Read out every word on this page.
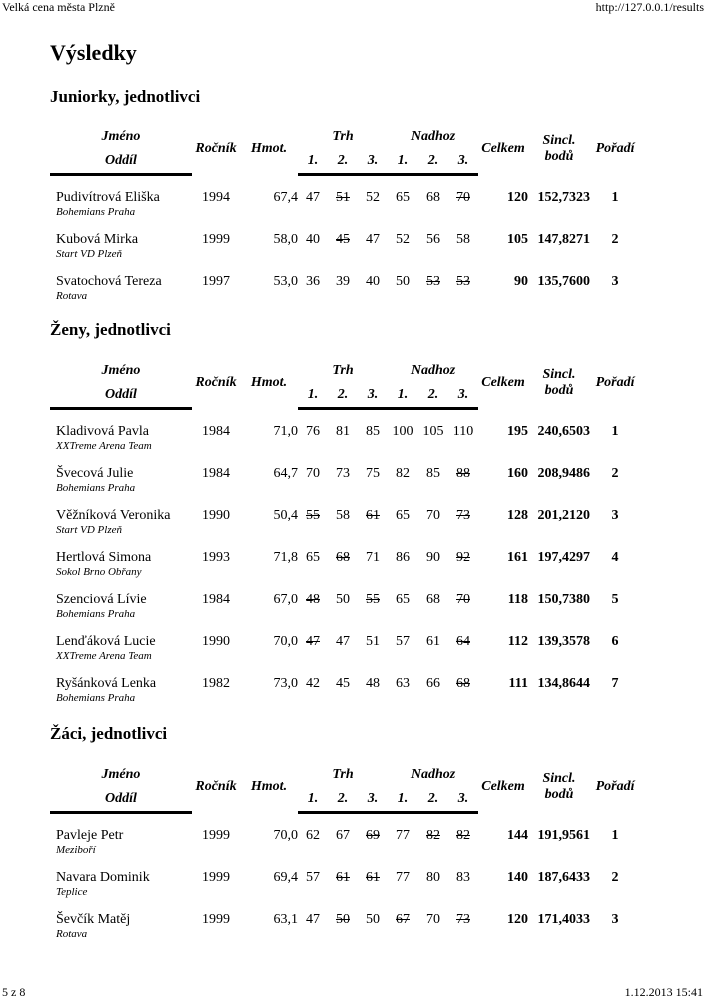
Velká cena města Plzně	http://127.0.0.1/results
Výsledky
Juniorky, jednotlivci
Jméno	Ročník	Hmot.	Trh			Nadhoz			Celkem	Sincl. bodů	Pořadí
Oddíl			1.	2.	3.	1.	2.	3.			

Pudivítrová Eliška	1994	67,4	47	51	52	65	68	70	120	152,7323	1
Bohemians Praha											
Kubová Mirka	1999	58,0	40	45	47	52	56	58	105	147,8271	2
Start VD Plzeň											
Svatochová Tereza	1997	53,0	36	39	40	50	53	53	90	135,7600	3
Rotava											
Ženy, jednotlivci
Jméno	Ročník	Hmot.	Trh			Nadhoz			Celkem	Sincl. bodů	Pořadí
Oddíl			1.	2.	3.	1.	2.	3.			

Kladivová Pavla	1984	71,0	76	81	85	100	105	110	195	240,6503	1
XXTreme Arena Team											
Švecová Julie	1984	64,7	70	73	75	82	85	88	160	208,9486	2
Bohemians Praha											
Věžníková Veronika	1990	50,4	55	58	61	65	70	73	128	201,2120	3
Start VD Plzeň											
Hertlová Simona	1993	71,8	65	68	71	86	90	92	161	197,4297	4
Sokol Brno Obřany											
Szenciová Lívie	1984	67,0	48	50	55	65	68	70	118	150,7380	5
Bohemians Praha											
Lenďáková Lucie	1990	70,0	47	47	51	57	61	64	112	139,3578	6
XXTreme Arena Team											
Ryšánková Lenka	1982	73,0	42	45	48	63	66	68	111	134,8644	7
Bohemians Praha											
Žáci, jednotlivci
Jméno	Ročník	Hmot.	Trh			Nadhoz			Celkem	Sincl. bodů	Pořadí
Oddíl			1.	2.	3.	1.	2.	3.			

Pavleje Petr	1999	70,0	62	67	69	77	82	82	144	191,9561	1
Meziboří											
Navara Dominik	1999	69,4	57	61	61	77	80	83	140	187,6433	2
Teplice											
Ševčík Matěj	1999	63,1	47	50	50	67	70	73	120	171,4033	3
Rotava											
5 z 8	1.12.2013 15:41
